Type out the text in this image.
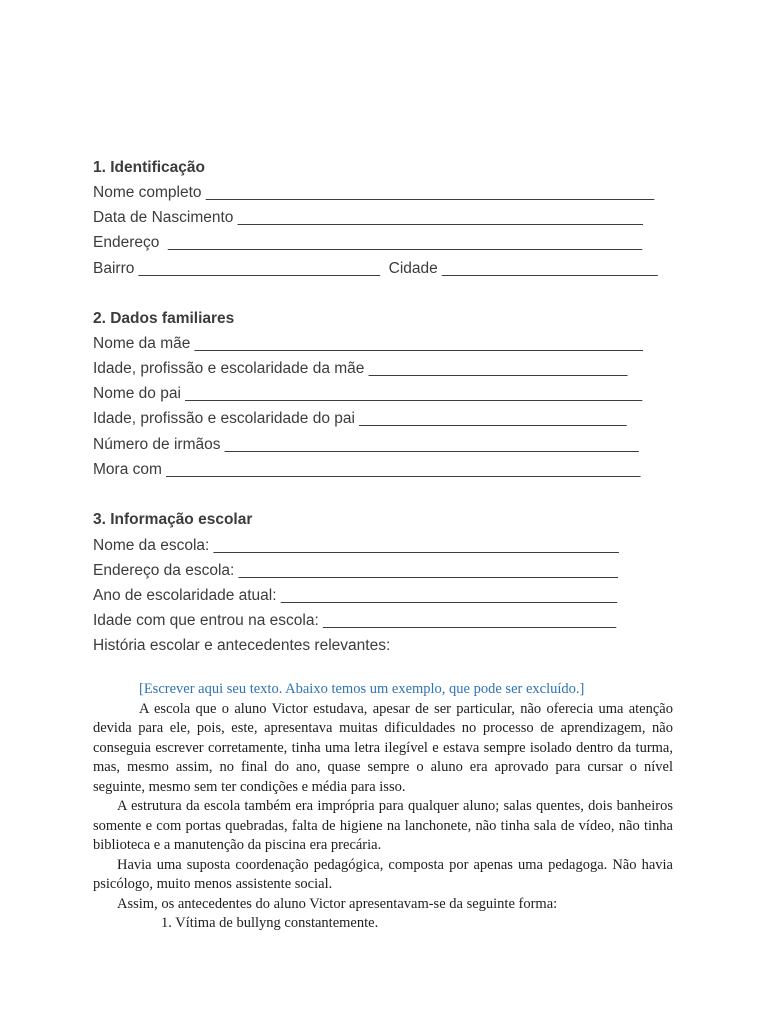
1. Identificação
Nome completo ____________________________________________________
Data de Nascimento _______________________________________________
Endereço  _______________________________________________________
Bairro ____________________________  Cidade _________________________
2. Dados familiares
Nome da mãe ____________________________________________________
Idade, profissão e escolaridade da mãe ______________________________
Nome do pai _____________________________________________________
Idade, profissão e escolaridade do pai _______________________________
Número de irmãos ________________________________________________
Mora com _______________________________________________________
3. Informação escolar
Nome da escola: _______________________________________________
Endereço da escola: ____________________________________________
Ano de escolaridade atual: _______________________________________
Idade com que entrou na escola: __________________________________
História escolar e antecedentes relevantes:

[Escrever aqui seu texto. Abaixo temos um exemplo, que pode ser excluído.]

A escola que o aluno Victor estudava, apesar de ser particular, não oferecia uma atenção devida para ele, pois, este, apresentava muitas dificuldades no processo de aprendizagem, não conseguia escrever corretamente, tinha uma letra ilegível e estava sempre isolado dentro da turma, mas, mesmo assim, no final do ano, quase sempre o aluno era aprovado para cursar o nível seguinte, mesmo sem ter condições e média para isso.

A estrutura da escola também era imprópria para qualquer aluno; salas quentes, dois banheiros somente e com portas quebradas, falta de higiene na lanchonete, não tinha sala de vídeo, não tinha biblioteca e a manutenção da piscina era precária.

Havia uma suposta coordenação pedagógica, composta por apenas uma pedagoga. Não havia psicólogo, muito menos assistente social.

Assim, os antecedentes do aluno Victor apresentavam-se da seguinte forma:

1. Vítima de bullyng constantemente.
